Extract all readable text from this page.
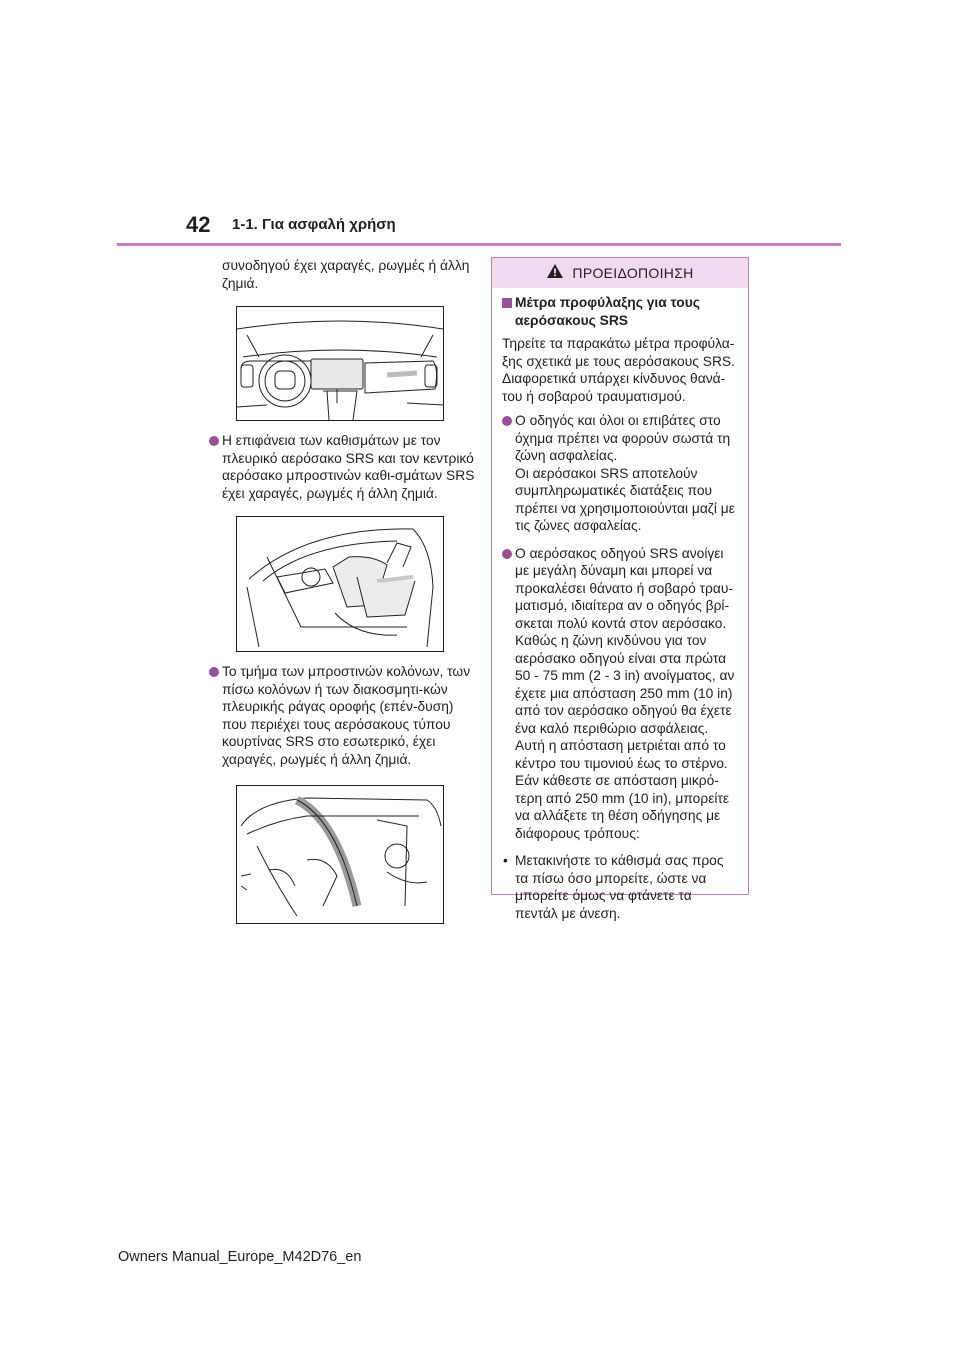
42 1-1. Για ασφαλή χρήση

συνοδηγού έχει χαραγές, ρωγμές ή άλλη ζημιά.

Η επιφάνεια των καθισμάτων με τον πλευρικό αερόσακο SRS και τον κεντρικό αερόσακο μπροστινών καθι-σμάτων SRS έχει χαραγές, ρωγμές ή άλλη ζημιά.

Το τμήμα των μπροστινών κολόνων, των πίσω κολόνων ή των διακοσμητι-κών πλευρικής ράγας οροφής (επέν-δυση) που περιέχει τους αερόσακους τύπου κουρτίνας SRS στο εσωτερικό, έχει χαραγές, ρωγμές ή άλλη ζημιά.

ΠΡΟΕΙΔΟΠΟΙΗΣΗ

Μέτρα προφύλαξης για τους αερόσακους SRS

Τηρείτε τα παρακάτω μέτρα προφύλα-ξης σχετικά με τους αερόσακους SRS.

Διαφορετικά υπάρχει κίνδυνος θανά-του ή σοβαρού τραυματισμού.

Ο οδηγός και όλοι οι επιβάτες στο όχημα πρέπει να φορούν σωστά τη ζώνη ασφαλείας.

Οι αερόσακοι SRS αποτελούν συμπληρωματικές διατάξεις που πρέπει να χρησιμοποιούνται μαζί με τις ζώνες ασφαλείας.

Ο αερόσακος οδηγού SRS ανοίγει με μεγάλη δύναμη και μπορεί να προκαλέσει θάνατο ή σοβαρό τραυ-ματισμό, ιδιαίτερα αν ο οδηγός βρί-σκεται πολύ κοντά στον αερόσακο. Καθώς η ζώνη κινδύνου για τον αερόσακο οδηγού είναι στα πρώτα 50 - 75 mm (2 - 3 in) ανοίγματος, αν έχετε μια απόσταση 250 mm (10 in) από τον αερόσακο οδηγού θα έχετε ένα καλό περιθώριο ασφάλειας. Αυτή η απόσταση μετριέται από το κέντρο του τιμονιού έως το στέρνο. Εάν κάθεστε σε απόσταση μικρό-τερη από 250 mm (10 in), μπορείτε να αλλάξετε τη θέση οδήγησης με διάφορους τρόπους:

• Μετακινήστε το κάθισμά σας προς τα πίσω όσο μπορείτε, ώστε να μπορείτε όμως να φτάνετε τα πεντάλ με άνεση.

Owners Manual_Europe_M42D76_en
